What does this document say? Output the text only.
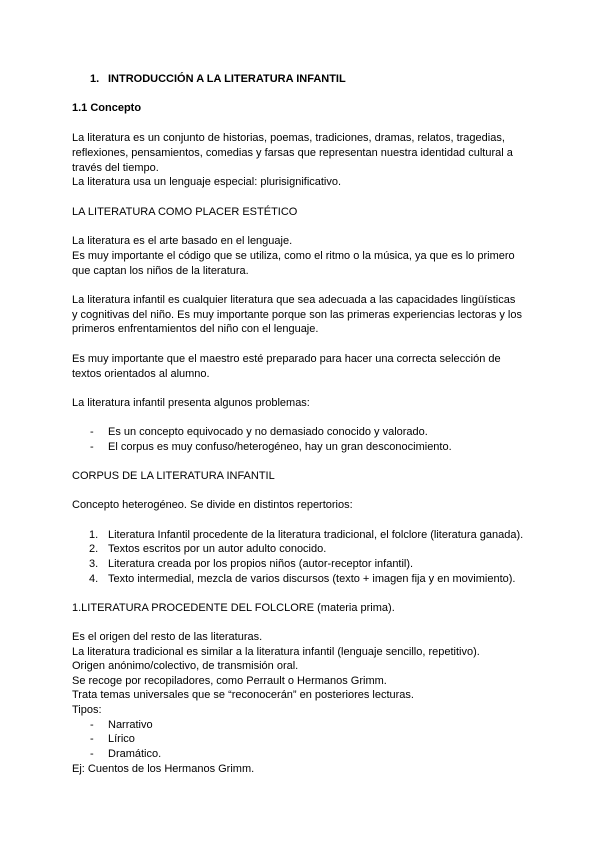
1. INTRODUCCIÓN A LA LITERATURA INFANTIL

1.1 Concepto

La literatura es un conjunto de historias, poemas, tradiciones, dramas, relatos, tragedias,

reflexiones, pensamientos, comedias y farsas que representan nuestra identidad cultural a

través del tiempo.

La literatura usa un lenguaje especial: plurisignificativo.

LA LITERATURA COMO PLACER ESTÉTICO

La literatura es el arte basado en el lenguaje.

Es muy importante el código que se utiliza, como el ritmo o la música, ya que es lo primero

que captan los niños de la literatura.

La literatura infantil es cualquier literatura que sea adecuada a las capacidades lingüísticas

y cognitivas del niño. Es muy importante porque son las primeras experiencias lectoras y los

primeros enfrentamientos del niño con el lenguaje.

Es muy importante que el maestro esté preparado para hacer una correcta selección de

textos orientados al alumno.

La literatura infantil presenta algunos problemas:

- Es un concepto equivocado y no demasiado conocido y valorado.

- El corpus es muy confuso/heterogéneo, hay un gran desconocimiento.

CORPUS DE LA LITERATURA INFANTIL

Concepto heterogéneo. Se divide en distintos repertorios:

1. Literatura Infantil procedente de la literatura tradicional, el folclore (literatura ganada).

2. Textos escritos por un autor adulto conocido.

3. Literatura creada por los propios niños (autor-receptor infantil).

4. Texto intermedial, mezcla de varios discursos (texto + imagen fija y en movimiento).

1.LITERATURA PROCEDENTE DEL FOLCLORE (materia prima).

Es el origen del resto de las literaturas.

La literatura tradicional es similar a la literatura infantil (lenguaje sencillo, repetitivo).

Origen anónimo/colectivo, de transmisión oral.

Se recoge por recopiladores, como Perrault o Hermanos Grimm.

Trata temas universales que se “reconocerán” en posteriores lecturas.

Tipos:

- Narrativo

- Lírico

- Dramático.

Ej: Cuentos de los Hermanos Grimm.
